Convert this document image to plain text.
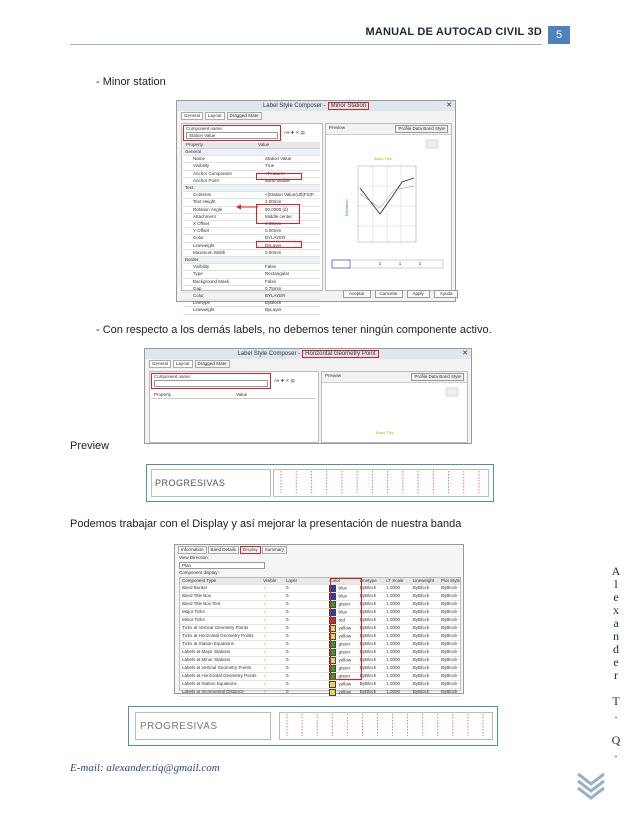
MANUAL DE AUTOCAD CIVIL 3D	5
- Minor station
Label Style Composer - Minor Station	✕
General	Layout	Dragged State
Component name:
Station Value
A▾ ✚ ✕ ▤
Property	Value
General
Name	Station Value
Visibility	True
Anchor Component	<Feature>
Anchor Point	Band Middle
Text
Contents	<[Station Value(Uft|FS|P...
Text Height	2.00mm
Rotation Angle	90.0000 (d)
Attachment	Middle center
X Offset	0.00mm
Y Offset	0.00mm
Color	BYLAYER
Lineweight	ByLayer
Maximum Width	0.00mm
Border
Visibility	False
Type	Rectangular
Background Mask	False
Gap	0.75mm
Color	BYLAYER
Linetype	ByBlock
Lineweight	ByLayer
Preview	Profile Data Band Style
Band Title
Elevation
1	1	1
Aceptar	Cancelar	Apply	Ayuda
- Con respecto a los demás labels, no debemos tener ningún componente activo.
Label Style Composer - Horizontal Geometry Point	✕
General	Layout	Dragged State
Component name:
A▾ ✚ ✕ ▤
Property	Value
Preview	Profile Data Band Style
Band Title
Preview
PROGRESIVAS
Podemos trabajar con el Display y así mejorar la presentación de nuestra banda
Information	Band Details	Display	Summary
View Direction:
Plan
Component display:
Component Type	Visible	Layer	Color	Linetype	LT Scale	Lineweight	Plot Style
Band Border	✓	0	blue	ByBlock	1.0000	ByBlock	ByBlock
Band Title Box	✓	0	blue	ByBlock	1.0000	ByBlock	ByBlock
Band Title Box Text	✓	0	green	ByBlock	1.0000	ByBlock	ByBlock
Major Ticks	✓	0	blue	ByBlock	1.0000	ByBlock	ByBlock
Minor Ticks	✓	0	red	ByBlock	1.0000	ByBlock	ByBlock
Ticks at Vertical Geometry Points	✓	0	yellow	ByBlock	1.0000	ByBlock	ByBlock
Ticks at Horizontal Geometry Points	✓	0	yellow	ByBlock	1.0000	ByBlock	ByBlock
Ticks at Station Equations	✓	0	green	ByBlock	1.0000	ByBlock	ByBlock
Labels at Major Stations	✓	0	green	ByBlock	1.0000	ByBlock	ByBlock
Labels at Minor Stations	✓	0	yellow	ByBlock	1.0000	ByBlock	ByBlock
Labels at Vertical Geometry Points	✓	0	green	ByBlock	1.0000	ByBlock	ByBlock
Labels at Horizontal Geometry Points	✓	0	green	ByBlock	1.0000	ByBlock	ByBlock
Labels at Station Equations	✓	0	yellow	ByBlock	1.0000	ByBlock	ByBlock
Labels at Incremental Distance	✓	0	yellow	ByBlock	1.0000	ByBlock	ByBlock
PROGRESIVAS
A
l
e
x
a
n
d
e
r

T
.

Q
.
E-mail: alexander.tiq@gmail.com
